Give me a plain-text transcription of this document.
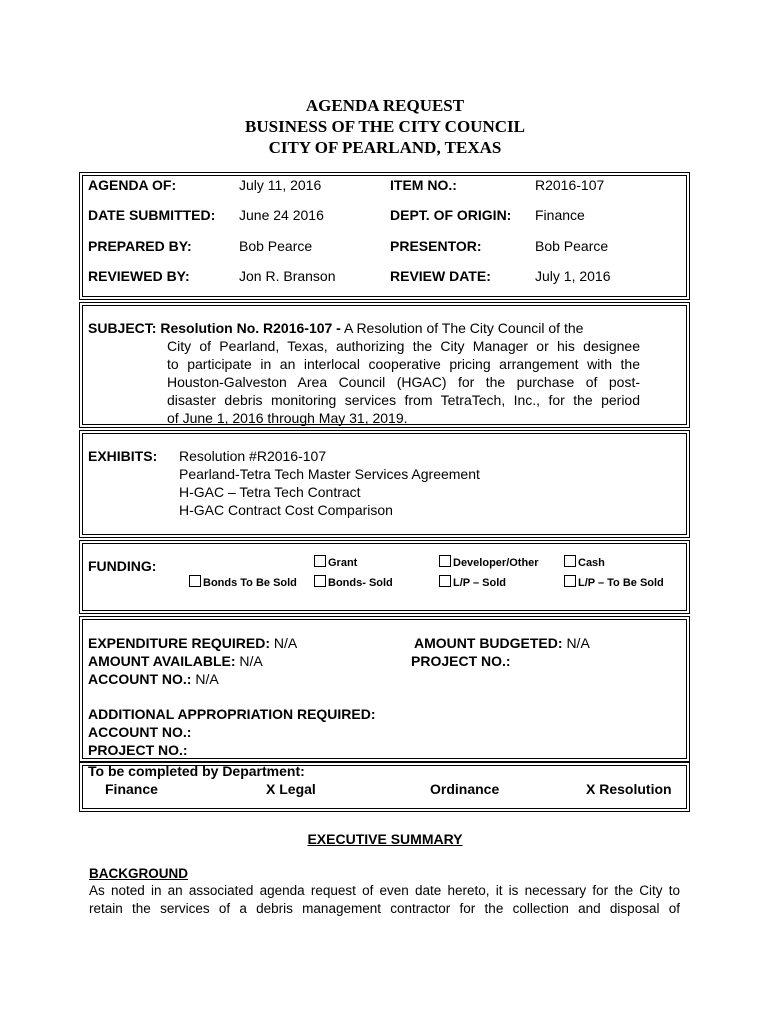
AGENDA REQUEST
BUSINESS OF THE CITY COUNCIL
CITY OF PEARLAND, TEXAS
AGENDA OF:	July 11, 2016	ITEM NO.:	R2016-107
DATE SUBMITTED: June 24 2016	DEPT. OF ORIGIN: Finance
PREPARED BY:	Bob Pearce	PRESENTOR:	Bob Pearce
REVIEWED BY:	Jon R. Branson	REVIEW DATE:	July 1, 2016
SUBJECT: Resolution No. R2016-107 - A Resolution of The City Council of the
City of Pearland, Texas, authorizing the City Manager or his designee
to participate in an interlocal cooperative pricing arrangement with the
Houston-Galveston Area Council (HGAC) for the purchase of post-
disaster debris monitoring services from TetraTech, Inc., for the period
of June 1, 2016 through May 31, 2019.
EXHIBITS: Resolution #R2016-107
Pearland-Tetra Tech Master Services Agreement
H-GAC – Tetra Tech Contract
H-GAC Contract Cost Comparison
FUNDING:	Grant	Developer/Other	Cash
Bonds To Be Sold	Bonds- Sold	L/P – Sold	L/P – To Be Sold
EXPENDITURE REQUIRED: N/A	AMOUNT BUDGETED: N/A
AMOUNT AVAILABLE: N/A	PROJECT NO.:
ACCOUNT NO.: N/A
ADDITIONAL APPROPRIATION REQUIRED:
ACCOUNT NO.:
PROJECT NO.:
To be completed by Department:
Finance	X Legal	Ordinance	X Resolution
EXECUTIVE SUMMARY
BACKGROUND
As noted in an associated agenda request of even date hereto, it is necessary for the City to
retain the services of a debris management contractor for the collection and disposal of
